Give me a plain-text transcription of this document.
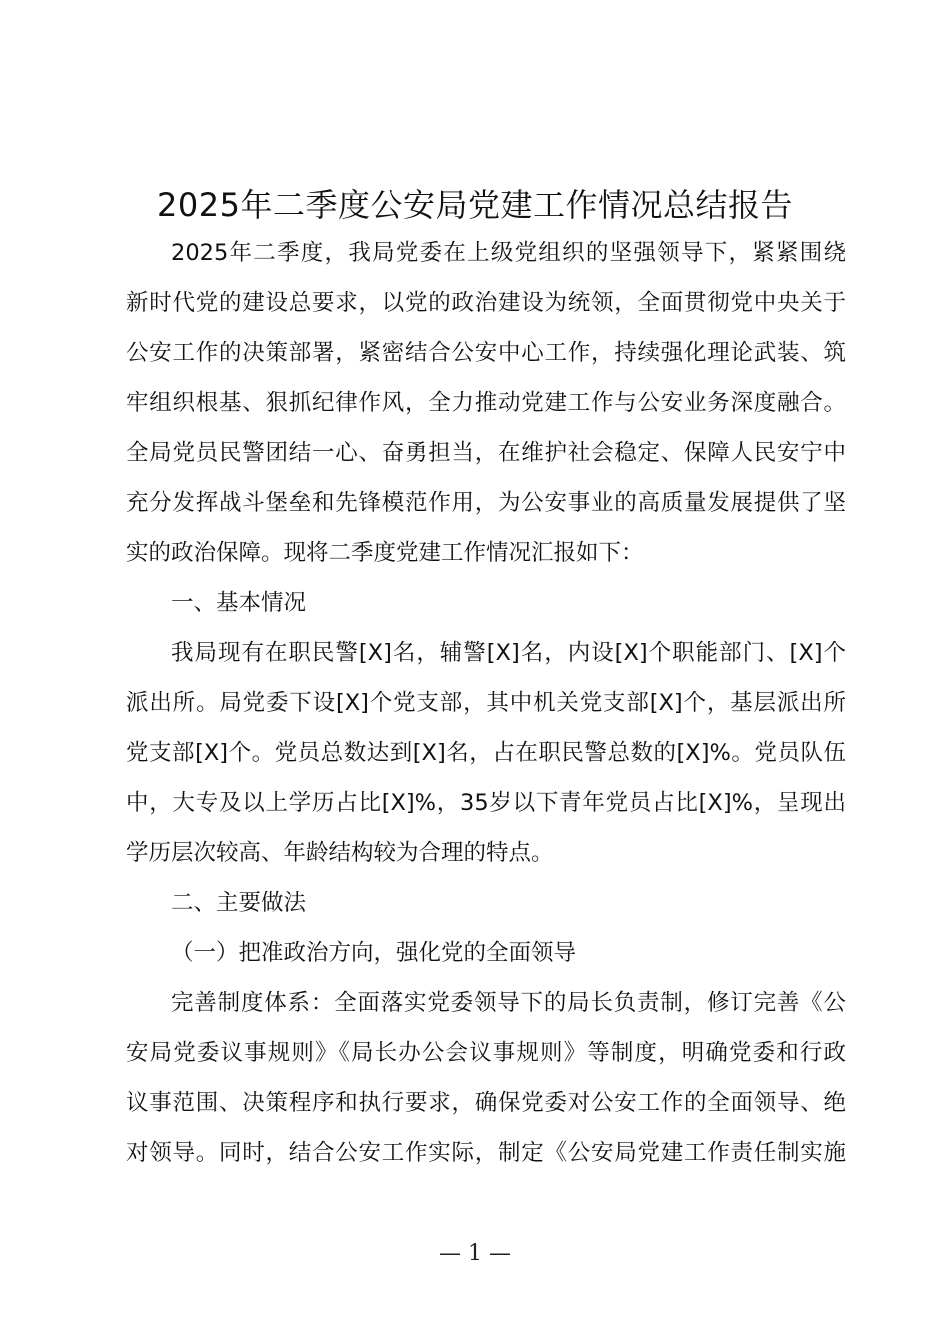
2025年二季度公安局党建工作情况总结报告
2025年二季度，我局党委在上级党组织的坚强领导下，紧紧围绕
新时代党的建设总要求，以党的政治建设为统领，全面贯彻党中央关于
公安工作的决策部署，紧密结合公安中心工作，持续强化理论武装、筑
牢组织根基、狠抓纪律作风，全力推动党建工作与公安业务深度融合。
全局党员民警团结一心、奋勇担当，在维护社会稳定、保障人民安宁中
充分发挥战斗堡垒和先锋模范作用，为公安事业的高质量发展提供了坚
实的政治保障。现将二季度党建工作情况汇报如下：
一、基本情况
我局现有在职民警[X]名，辅警[X]名，内设[X]个职能部门、[X]个
派出所。局党委下设[X]个党支部，其中机关党支部[X]个，基层派出所
党支部[X]个。党员总数达到[X]名，占在职民警总数的[X]%。党员队伍
中，大专及以上学历占比[X]%，35岁以下青年党员占比[X]%，呈现出
学历层次较高、年龄结构较为合理的特点。
二、主要做法
（一）把准政治方向，强化党的全面领导
完善制度体系：全面落实党委领导下的局长负责制，修订完善《公
安局党委议事规则》《局长办公会议事规则》等制度，明确党委和行政
议事范围、决策程序和执行要求，确保党委对公安工作的全面领导、绝
对领导。同时，结合公安工作实际，制定《公安局党建工作责任制实施
— 1 —
